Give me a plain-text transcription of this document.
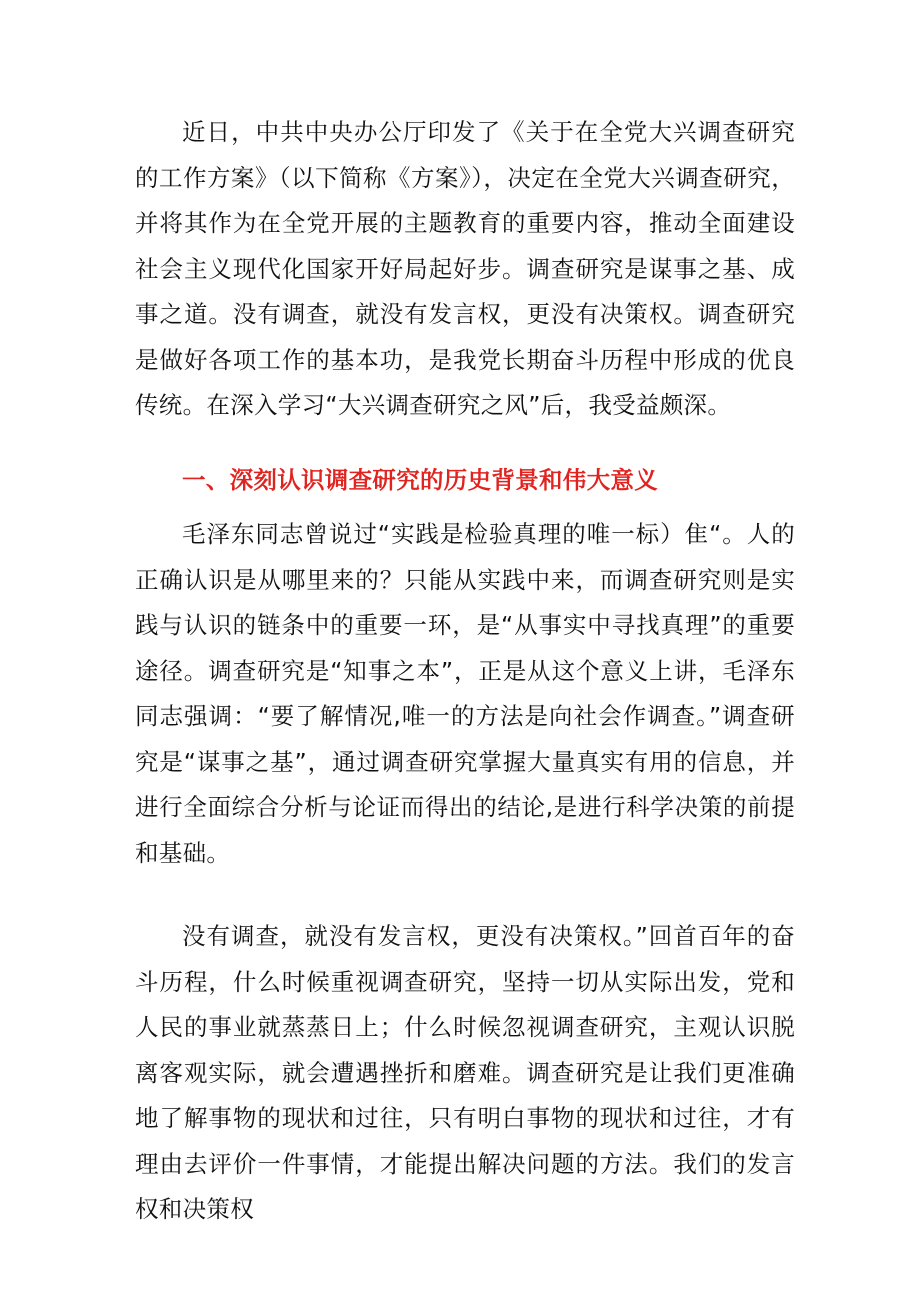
近日，中共中央办公厅印发了《关于在全党大兴调查研究的工作方案》（以下简称《方案》），决定在全党大兴调查研究，并将其作为在全党开展的主题教育的重要内容，推动全面建设社会主义现代化国家开好局起好步。调查研究是谋事之基、成事之道。没有调查，就没有发言权，更没有决策权。调查研究是做好各项工作的基本功，是我党长期奋斗历程中形成的优良传统。在深入学习“大兴调查研究之风”后，我受益颇深。

一、深刻认识调查研究的历史背景和伟大意义

毛泽东同志曾说过“实践是检验真理的唯一标）隹“。人的正确认识是从哪里来的？只能从实践中来，而调查研究则是实践与认识的链条中的重要一环，是“从事实中寻找真理”的重要途径。调查研究是“知事之本”，正是从这个意义上讲，毛泽东同志强调：“要了解情况,唯一的方法是向社会作调查。”调查研究是“谋事之基”，通过调查研究掌握大量真实有用的信息，并进行全面综合分析与论证而得出的结论,是进行科学决策的前提和基础。

没有调查，就没有发言权，更没有决策权。”回首百年的奋斗历程，什么时候重视调查研究，坚持一切从实际出发，党和人民的事业就蒸蒸日上；什么时候忽视调查研究，主观认识脱离客观实际，就会遭遇挫折和磨难。调查研究是让我们更准确地了解事物的现状和过往，只有明白事物的现状和过往，才有理由去评价一件事情，才能提出解决问题的方法。我们的发言权和决策权
